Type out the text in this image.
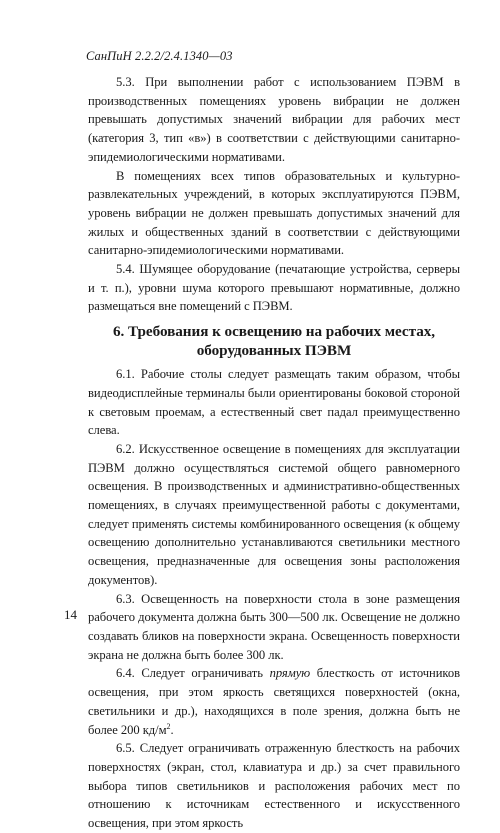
СанПиН 2.2.2/2.4.1340—03

5.3. При выполнении работ с использованием ПЭВМ в производственных помещениях уровень вибрации не должен превышать допустимых значений вибрации для рабочих мест (категория 3, тип «в») в соответствии с действующими санитарно-эпидемиологическими нормативами.

В помещениях всех типов образовательных и культурно-развлекательных учреждений, в которых эксплуатируются ПЭВМ, уровень вибрации не должен превышать допустимых значений для жилых и общественных зданий в соответствии с действующими санитарно-эпидемиологическими нормативами.

5.4. Шумящее оборудование (печатающие устройства, серверы и т. п.), уровни шума которого превышают нормативные, должно размещаться вне помещений с ПЭВМ.

6. Требования к освещению на рабочих местах,
оборудованных ПЭВМ

6.1. Рабочие столы следует размещать таким образом, чтобы видеодисплейные терминалы были ориентированы боковой стороной к световым проемам, а естественный свет падал преимущественно слева.

6.2. Искусственное освещение в помещениях для эксплуатации ПЭВМ должно осуществляться системой общего равномерного освещения. В производственных и административно-общественных помещениях, в случаях преимущественной работы с документами, следует применять системы комбинированного освещения (к общему освещению дополнительно устанавливаются светильники местного освещения, предназначенные для освещения зоны расположения документов).

6.3. Освещенность на поверхности стола в зоне размещения рабочего документа должна быть 300—500 лк. Освещение не должно создавать бликов на поверхности экрана. Освещенность поверхности экрана не должна быть более 300 лк.

6.4. Следует ограничивать прямую блесткость от источников освещения, при этом яркость светящихся поверхностей (окна, светильники и др.), находящихся в поле зрения, должна быть не более 200 $кд/м^2$.

6.5. Следует ограничивать отраженную блесткость на рабочих поверхностях (экран, стол, клавиатура и др.) за счет правильного выбора типов светильников и расположения рабочих мест по отношению к источникам естественного и искусственного освещения, при этом яркость

14
